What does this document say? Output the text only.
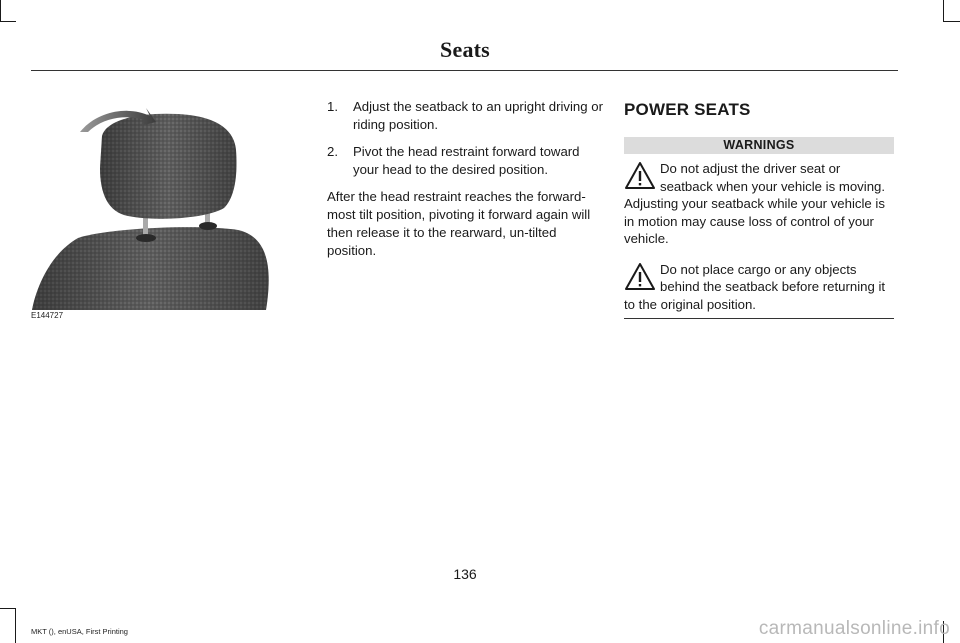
Seats
E144727
1.	Adjust the seatback to an upright driving or riding position.
2.	Pivot the head restraint forward toward your head to the desired position.

After the head restraint reaches the forward-most tilt position, pivoting it forward again will then release it to the rearward, un-tilted position.

POWER SEATS
WARNINGS
Do not adjust the driver seat or seatback when your vehicle is moving. Adjusting your seatback while your vehicle is in motion may cause loss of control of your vehicle.
Do not place cargo or any objects behind the seatback before returning it to the original position.
136
MKT (), enUSA, First Printing	carmanualsonline.info
